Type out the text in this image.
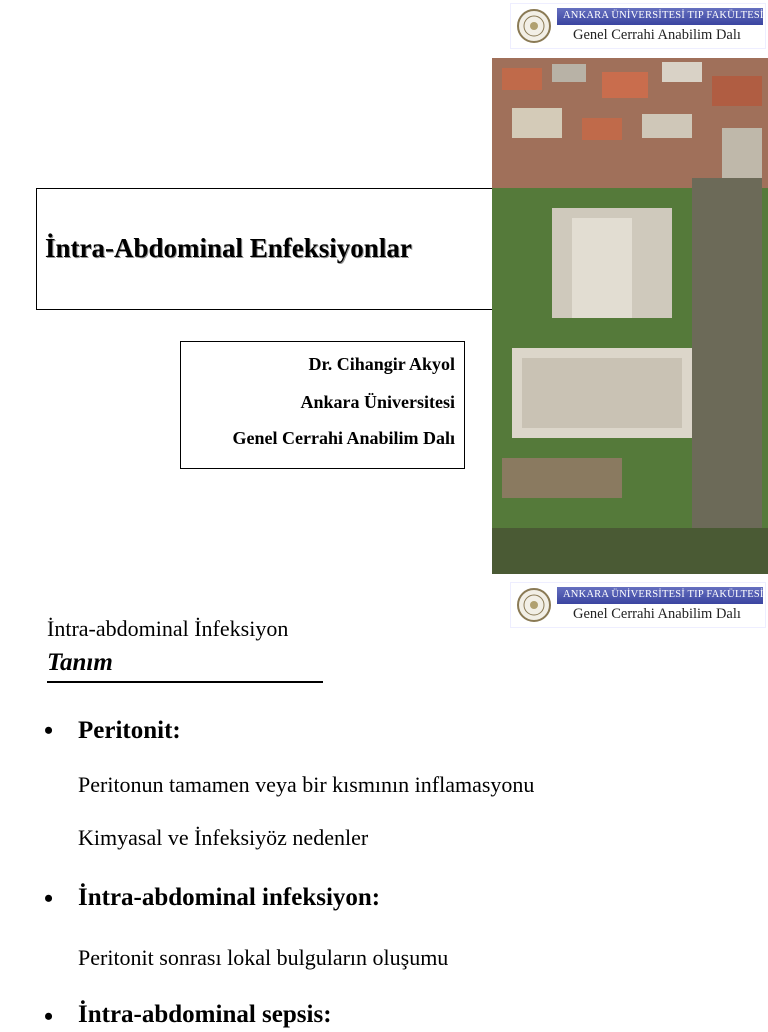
ANKARA ÜNİVERSİTESİ TIP FAKÜLTESİ
Genel Cerrahi Anabilim Dalı
İntra-Abdominal Enfeksiyonlar
Dr. Cihangir Akyol
Ankara Üniversitesi
Genel Cerrahi Anabilim Dalı
ANKARA ÜNİVERSİTESİ TIP FAKÜLTESİ
Genel Cerrahi Anabilim Dalı
İntra-abdominal İnfeksiyon
Tanım
• Peritonit:
Peritonun tamamen veya bir kısmının inflamasyonu
Kimyasal ve İnfeksiyöz nedenler
• İntra-abdominal infeksiyon:
Peritonit sonrası lokal bulguların oluşumu
• İntra-abdominal sepsis:
